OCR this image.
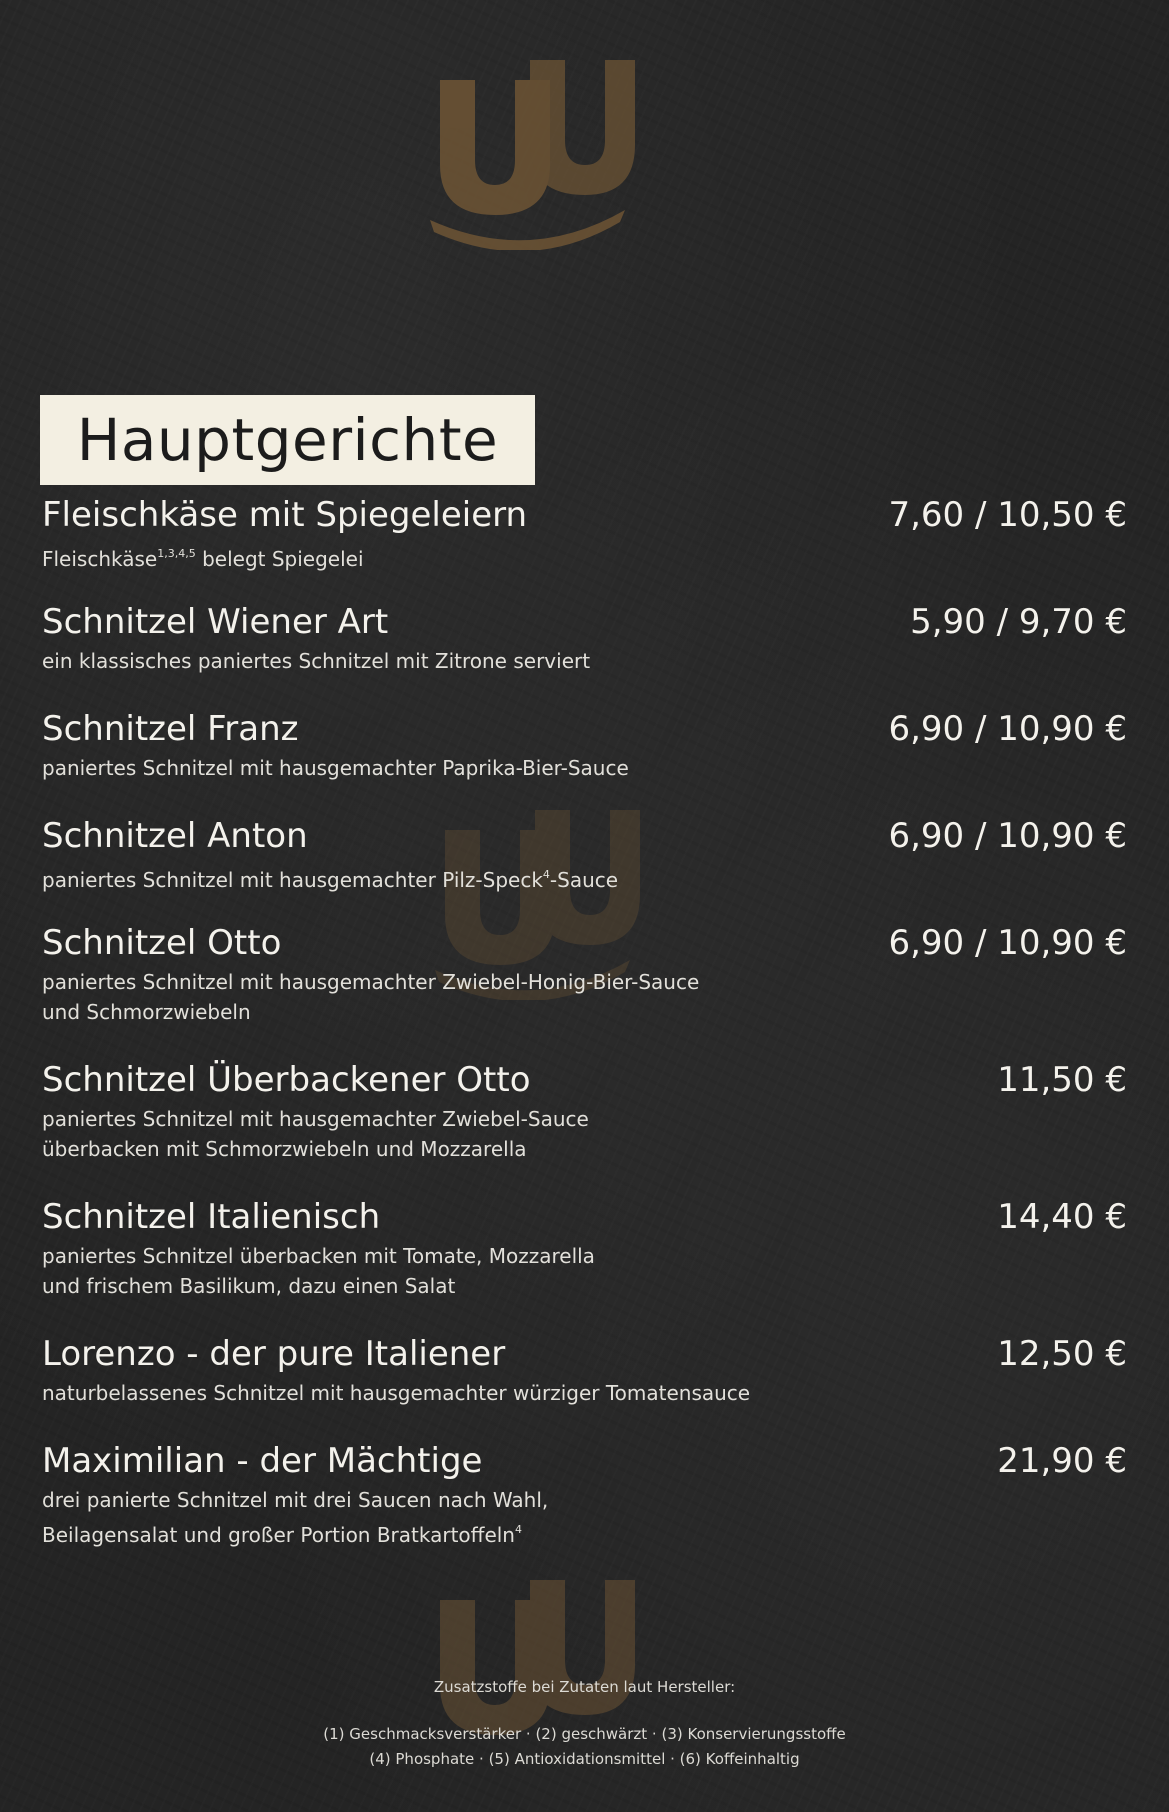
Hauptgerichte
Fleischkäse mit Spiegeleiern	7,60 / 10,50 €
Fleischkäse$^{1,3,4,5}$ belegt Spiegelei
Schnitzel Wiener Art	5,90 / 9,70 €
ein klassisches paniertes Schnitzel mit Zitrone serviert
Schnitzel Franz	6,90 / 10,90 €
paniertes Schnitzel mit hausgemachter Paprika-Bier-Sauce
Schnitzel Anton	6,90 / 10,90 €
paniertes Schnitzel mit hausgemachter Pilz-Speck$^4$-Sauce
Schnitzel Otto	6,90 / 10,90 €
paniertes Schnitzel mit hausgemachter Zwiebel-Honig-Bier-Sauce
und Schmorzwiebeln
Schnitzel Überbackener Otto	11,50 €
paniertes Schnitzel mit hausgemachter Zwiebel-Sauce
überbacken mit Schmorzwiebeln und Mozzarella
Schnitzel Italienisch	14,40 €
paniertes Schnitzel überbacken mit Tomate, Mozzarella
und frischem Basilikum, dazu einen Salat
Lorenzo - der pure Italiener	12,50 €
naturbelassenes Schnitzel mit hausgemachter würziger Tomatensauce
Maximilian - der Mächtige	21,90 €
drei panierte Schnitzel mit drei Saucen nach Wahl,
Beilagensalat und großer Portion Bratkartoffeln$^4$
Zusatzstoffe bei Zutaten laut Hersteller:
(1) Geschmacksverstärker · (2) geschwärzt · (3) Konservierungsstoffe
(4) Phosphate · (5) Antioxidationsmittel · (6) Koffeinhaltig
